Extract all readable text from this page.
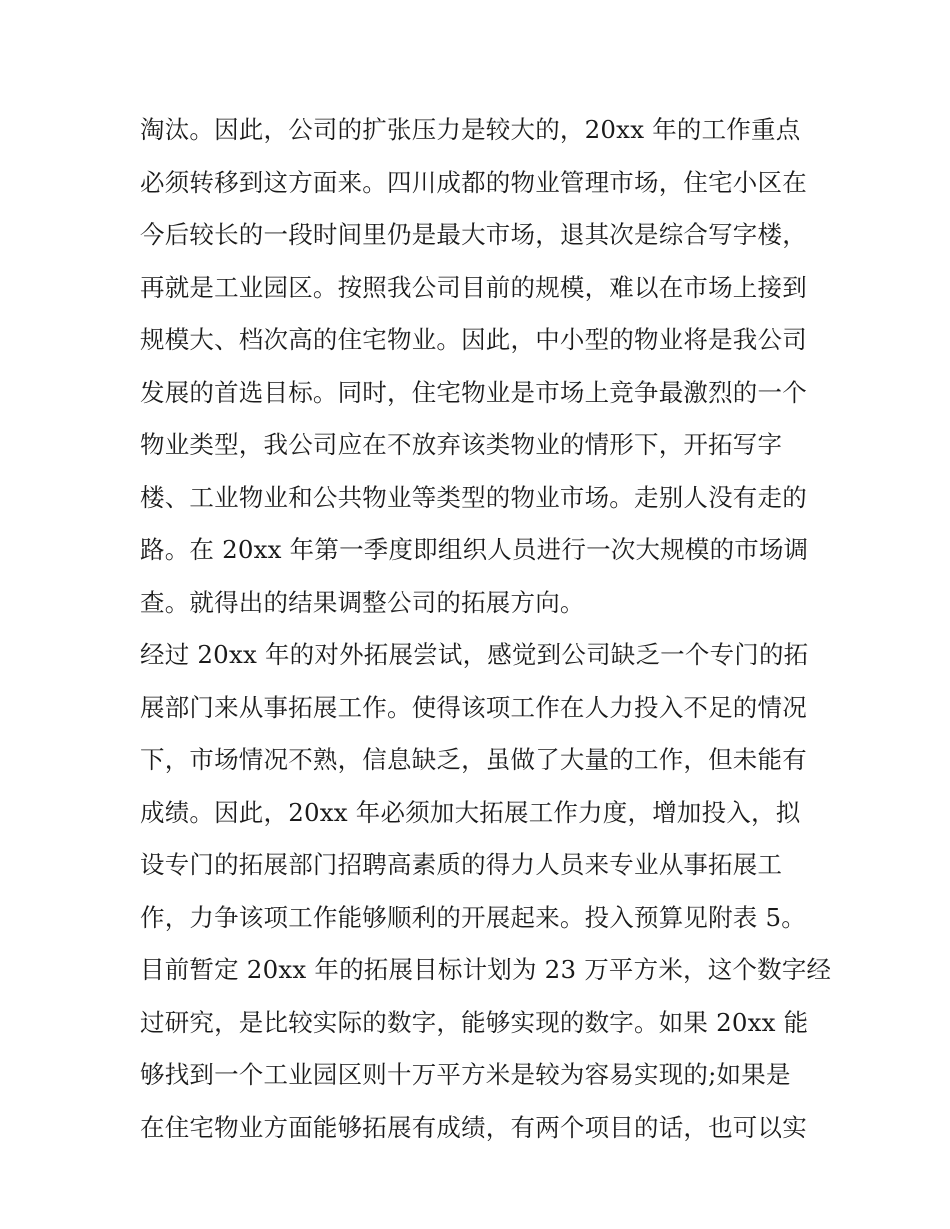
淘汰。因此，公司的扩张压力是较大的，20xx 年的工作重点
必须转移到这方面来。四川成都的物业管理市场，住宅小区在
今后较长的一段时间里仍是最大市场，退其次是综合写字楼，
再就是工业园区。按照我公司目前的规模，难以在市场上接到
规模大、档次高的住宅物业。因此，中小型的物业将是我公司
发展的首选目标。同时，住宅物业是市场上竞争最激烈的一个
物业类型，我公司应在不放弃该类物业的情形下，开拓写字
楼、工业物业和公共物业等类型的物业市场。走别人没有走的
路。在 20xx 年第一季度即组织人员进行一次大规模的市场调
查。就得出的结果调整公司的拓展方向。
经过 20xx 年的对外拓展尝试，感觉到公司缺乏一个专门的拓
展部门来从事拓展工作。使得该项工作在人力投入不足的情况
下，市场情况不熟，信息缺乏，虽做了大量的工作，但未能有
成绩。因此，20xx 年必须加大拓展工作力度，增加投入，拟
设专门的拓展部门招聘高素质的得力人员来专业从事拓展工
作，力争该项工作能够顺利的开展起来。投入预算见附表 5。
目前暂定 20xx 年的拓展目标计划为 23 万平方米，这个数字经
过研究，是比较实际的数字，能够实现的数字。如果 20xx 能
够找到一个工业园区则十万平方米是较为容易实现的;如果是
在住宅物业方面能够拓展有成绩，有两个项目的话，也可以实
